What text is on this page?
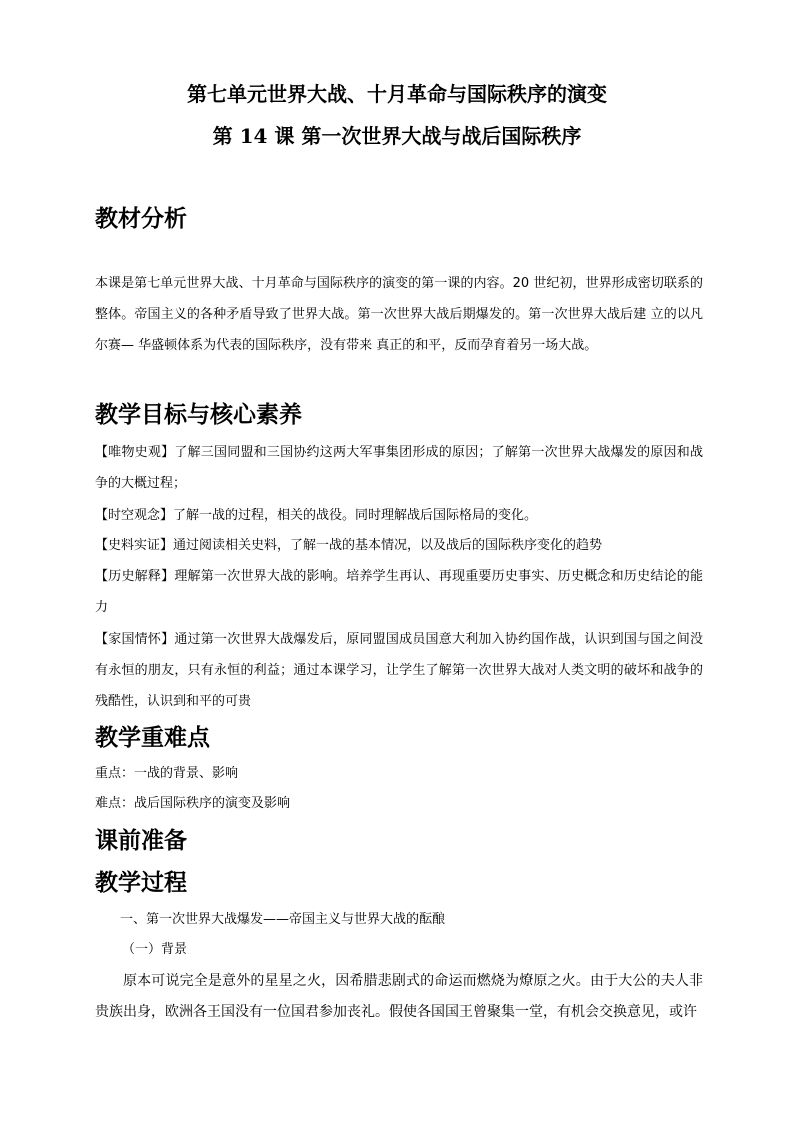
第七单元世界大战、十月革命与国际秩序的演变
第 14 课 第一次世界大战与战后国际秩序
教材分析
本课是第七单元世界大战、十月革命与国际秩序的演变的第一课的内容。20 世纪初，世界形成密切联系的整体。帝国主义的各种矛盾导致了世界大战。第一次世界大战后期爆发的。第一次世界大战后建 立的以凡尔赛— 华盛顿体系为代表的国际秩序，没有带来 真正的和平，反而孕育着另一场大战。
教学目标与核心素养
【唯物史观】了解三国同盟和三国协约这两大军事集团形成的原因；了解第一次世界大战爆发的原因和战争的大概过程；
【时空观念】了解一战的过程，相关的战役。同时理解战后国际格局的变化。
【史料实证】通过阅读相关史料，了解一战的基本情况，以及战后的国际秩序变化的趋势
【历史解释】理解第一次世界大战的影响。培养学生再认、再现重要历史事实、历史概念和历史结论的能力
【家国情怀】通过第一次世界大战爆发后，原同盟国成员国意大利加入协约国作战，认识到国与国之间没有永恒的朋友，只有永恒的利益；通过本课学习，让学生了解第一次世界大战对人类文明的破坏和战争的残酷性，认识到和平的可贵
教学重难点
重点：一战的背景、影响
难点：战后国际秩序的演变及影响
课前准备
教学过程
一、第一次世界大战爆发——帝国主义与世界大战的酝酿
（一）背景
原本可说完全是意外的星星之火，因希腊悲剧式的命运而燃烧为燎原之火。由于大公的夫人非贵族出身，欧洲各王国没有一位国君参加丧礼。假使各国国王曾聚集一堂，有机会交换意见，或许
